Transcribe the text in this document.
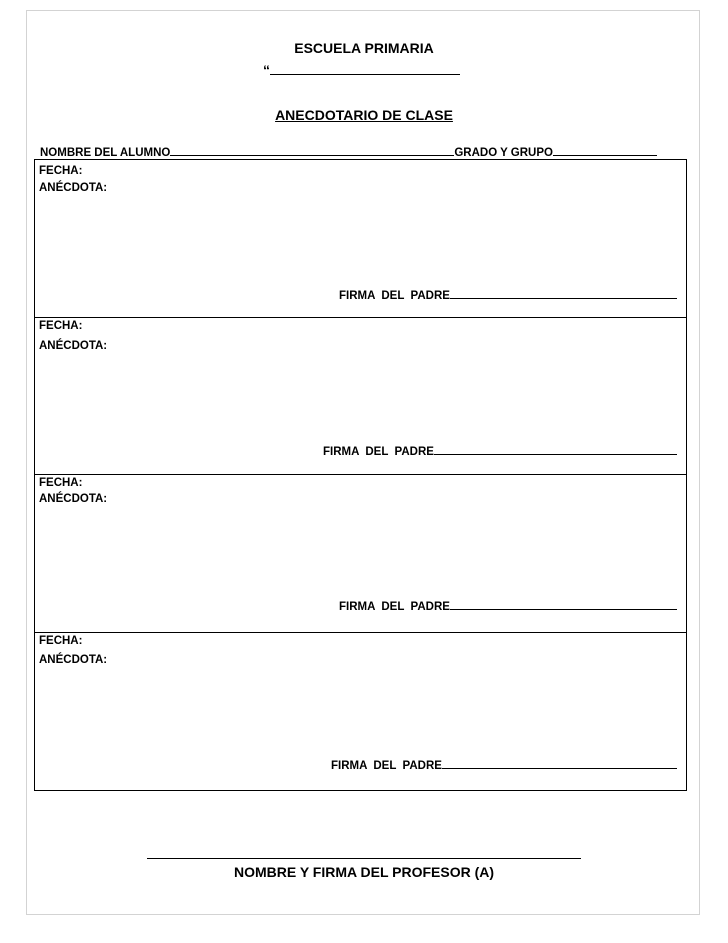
ESCUELA PRIMARIA
“
ANECDOTARIO DE CLASE
NOMBRE DEL ALUMNO	GRADO Y GRUPO
FECHA:
ANÉCDOTA:
FIRMA  DEL  PADRE
FECHA:
ANÉCDOTA:
FIRMA  DEL  PADRE
FECHA:
ANÉCDOTA:
FIRMA  DEL  PADRE
FECHA:
ANÉCDOTA:
FIRMA  DEL  PADRE
NOMBRE Y FIRMA DEL PROFESOR (A)
